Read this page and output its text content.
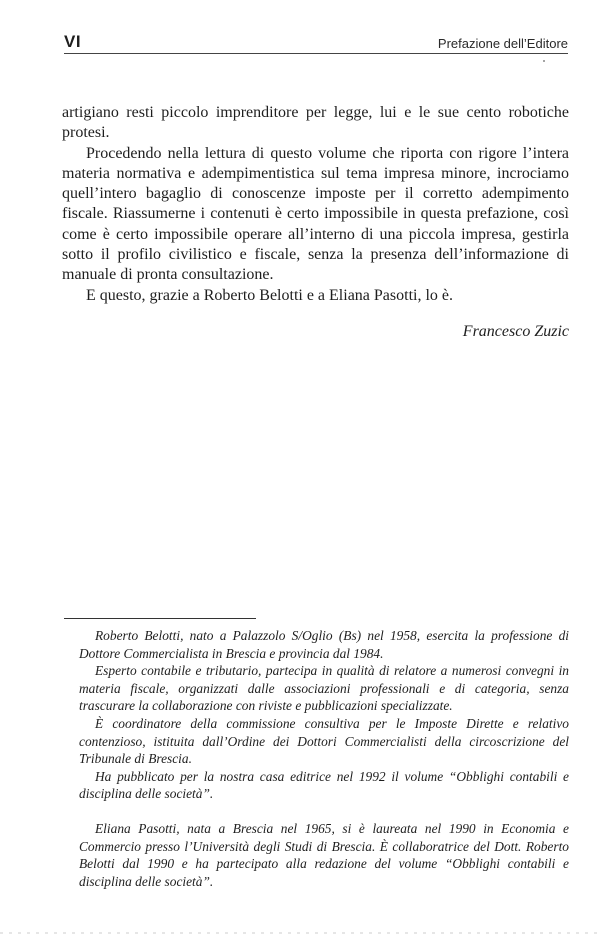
VI	Prefazione dell’Editore

artigiano resti piccolo imprenditore per legge, lui e le sue cento robotiche protesi.

Procedendo nella lettura di questo volume che riporta con rigore l’intera materia normativa e adempimentistica sul tema impresa minore, incrociamo quell’intero bagaglio di conoscenze imposte per il corretto adempimento fiscale. Riassumerne i contenuti è certo impossibile in questa prefazione, così come è certo impossibile operare all’interno di una piccola impresa, gestirla sotto il profilo civilistico e fiscale, senza la presenza dell’informazione di manuale di pronta consultazione.

E questo, grazie a Roberto Belotti e a Eliana Pasotti, lo è.

Francesco Zuzic

Roberto Belotti, nato a Palazzolo S/Oglio (Bs) nel 1958, esercita la professione di Dottore Commercialista in Brescia e provincia dal 1984.

Esperto contabile e tributario, partecipa in qualità di relatore a numerosi convegni in materia fiscale, organizzati dalle associazioni professionali e di categoria, senza trascurare la collaborazione con riviste e pubblicazioni specializzate.

È coordinatore della commissione consultiva per le Imposte Dirette e relativo contenzioso, istituita dall’Ordine dei Dottori Commercialisti della circoscrizione del Tribunale di Brescia.

Ha pubblicato per la nostra casa editrice nel 1992 il volume “Obblighi contabili e disciplina delle società”.

Eliana Pasotti, nata a Brescia nel 1965, si è laureata nel 1990 in Economia e Commercio presso l’Università degli Studi di Brescia. È collaboratrice del Dott. Roberto Belotti dal 1990 e ha partecipato alla redazione del volume “Obblighi contabili e disciplina delle società”.
